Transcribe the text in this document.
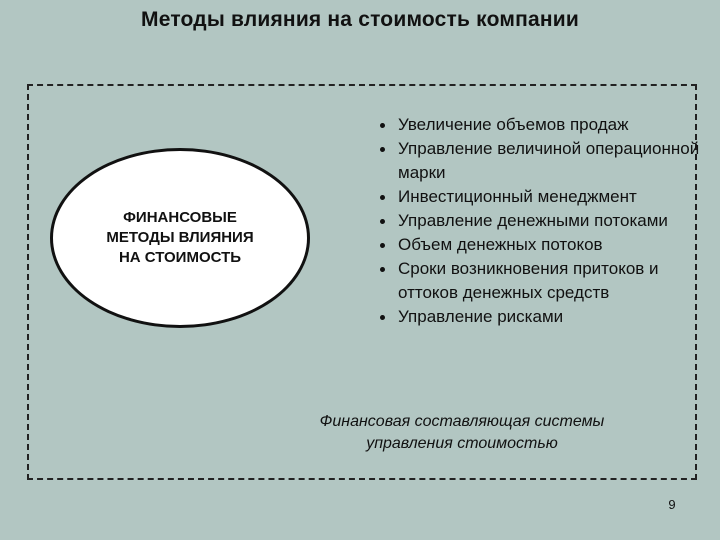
Методы влияния на стоимость компании
ФИНАНСОВЫЕ МЕТОДЫ ВЛИЯНИЯ НА СТОИМОСТЬ
Увеличение объемов продаж
Управление величиной операционной марки
Инвестиционный менеджмент
Управление денежными потоками
Объем денежных потоков
Сроки возникновения притоков и оттоков денежных средств
Управление рисками
Финансовая составляющая системы управления стоимостью
9
